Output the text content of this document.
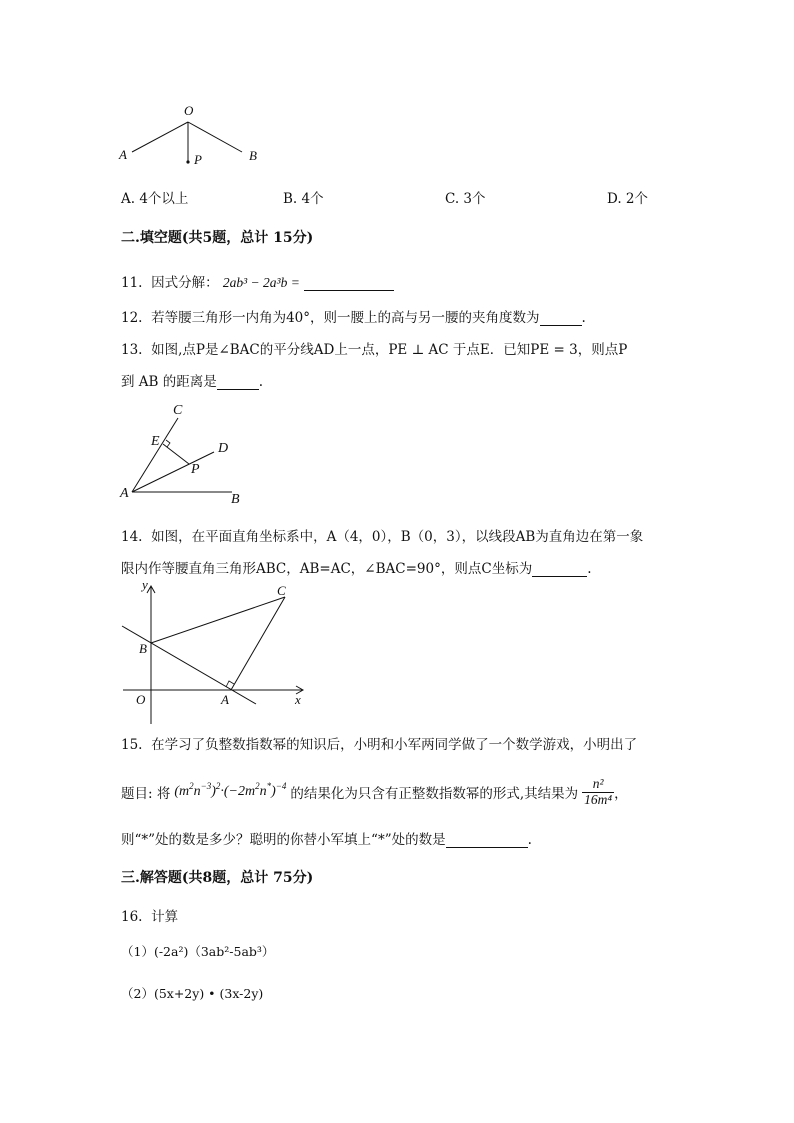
O
A	B
P
A. 4个以上	B. 4个	C. 3个	D. 2个
二.填空题(共5题，总计 15分)
11. 因式分解： 2ab³ − 2a³b =
12. 若等腰三角形一内角为40°，则一腰上的高与另一腰的夹角度数为	.
13. 如图,点P是∠BAC的平分线AD上一点，PE ⊥ AC 于点E．已知PE = 3，则点P
到 AB 的距离是	.
C
E	D
P
A	B
14. 如图，在平面直角坐标系中，A（4，0），B（0，3），以线段AB为直角边在第一象
限内作等腰直角三角形ABC，AB=AC，∠BAC=90°，则点C坐标为	.
y
x
O	A
B
C
15. 在学习了负整数指数幂的知识后，小明和小军两同学做了一个数学游戏，小明出了
题目: 将 $(m^2n^{-3})^2\cdot(-2m^2n^*)^{-4}$ 的结果化为只含有正整数指数幂的形式,其结果为 $\frac{\text{n²}}{\text{16m⁴}}$ ，
则“*”处的数是多少？聪明的你替小军填上“*”处的数是	.
三.解答题(共8题，总计 75分)
16. 计算
（1）(-2a²)（3ab²-5ab³）
（2）(5x+2y) • (3x-2y)
